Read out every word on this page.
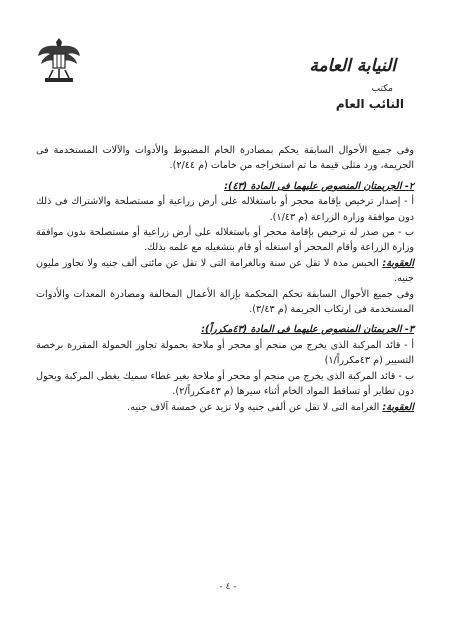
النيابة العامة
مكتب
النائب العام

وفى جميع الأحوال السابقة يحكم بمصادرة الخام المضبوط والأدوات والآلات المستخدمة فى الجريمة، ورد مثلى قيمة ما تم استخراجه من خامات (م ٢/٤٤).

٢- الجريمتان المنصوص عليهما فى المادة (٤٣):

أ - إصدار ترخيص بإقامة محجر أو باستغلاله على أرض زراعية أو مستصلحة والاشتراك فى ذلك دون موافقة وزارة الزراعة (م ١/٤٣).

ب - من صدر له ترخيص بإقامة محجر أو باستغلاله على أرض زراعية أو مستصلحة بدون موافقة وزارة الزراعة وأقام المحجر أو استغله أو قام بتشغيله مع علمه بذلك.

العقوبة: الحبس مدة لا تقل عن سنة وبالغرامة التى لا تقل عن مائتى ألف جنيه ولا تجاوز مليون جنيه.

وفى جميع الأحوال السابقة تحكم المحكمة بإزالة الأعمال المخالفة ومصادرة المعدات والأدوات المستخدمة فى ارتكاب الجريمة (م ٣/٤٣).

٣- الجريمتان المنصوص عليهما فى المادة (٤٣مكرراً):

أ - قائد المركبة الذى يخرج من منجم أو محجر أو ملاحة بحمولة تجاوز الحمولة المقررة برخصة التسيير (م ٤٣مكرراً/١)

ب - قائد المركبة الذى يخرج من منجم أو محجر أو ملاحة بغير غطاء سميك يغطى المركبة ويحول دون تطاير أو تساقط المواد الخام أثناء سيرها (م ٤٣مكرراً/٢).

العقوبة: الغرامة التى لا تقل عن ألفى جنيه ولا تزيد عن خمسة آلاف جنيه.

- ٤ -
